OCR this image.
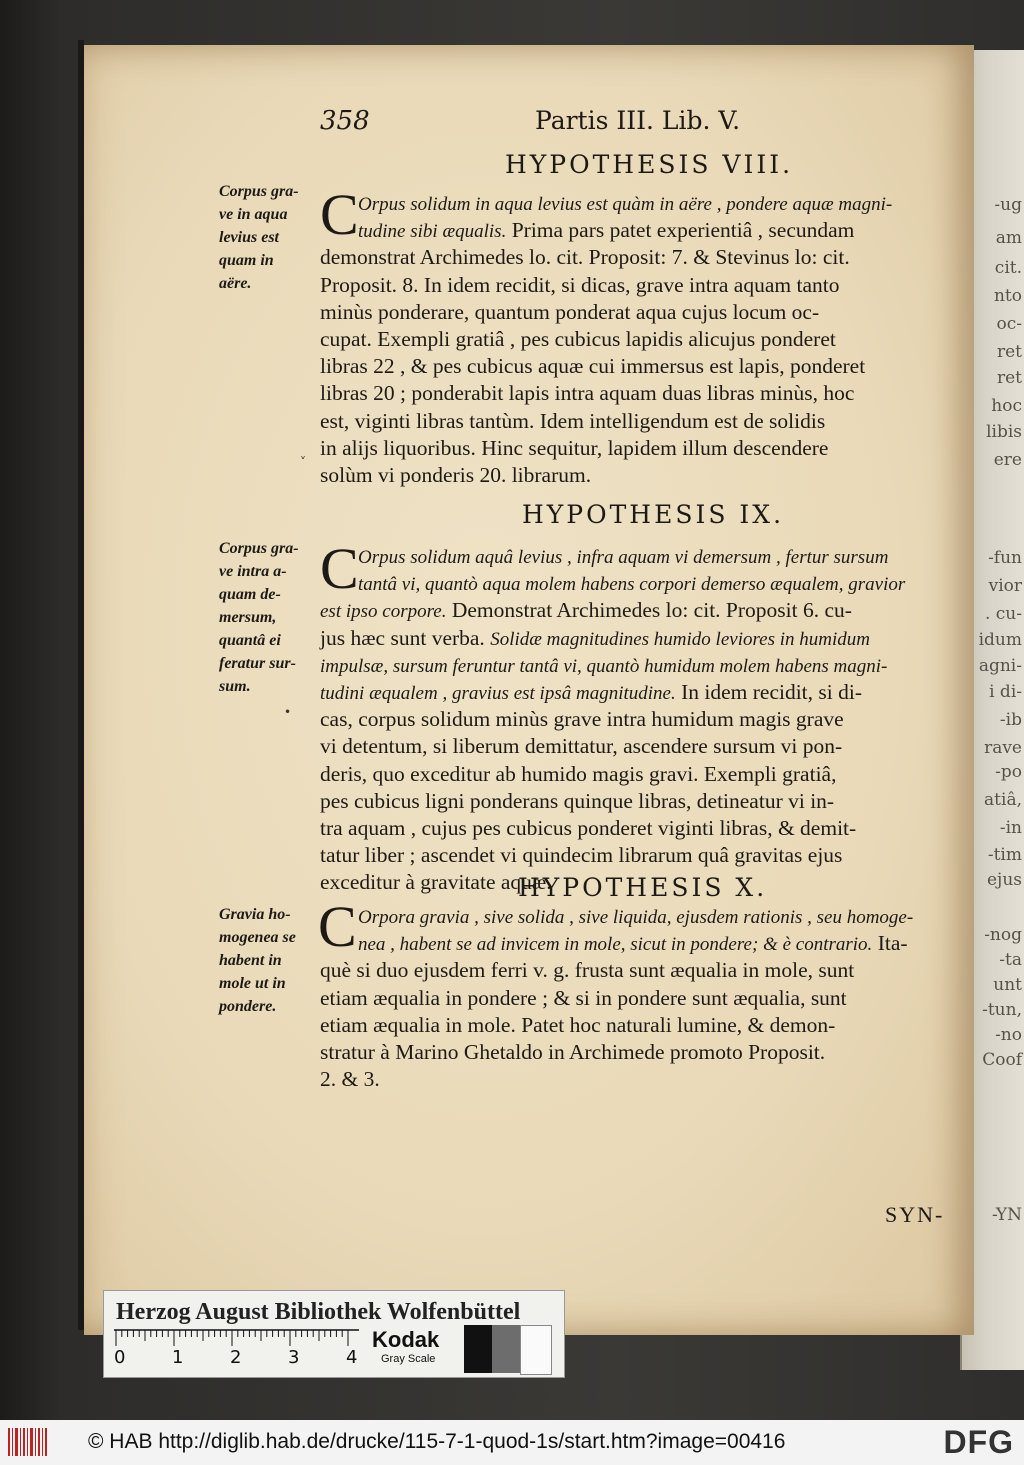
-ug
am
cit.
nto
oc-
ret
ret
hoc
libis
ere
-fun
vior
. cu-
idum
agni-
i di-
-ib
rave
-po
atiâ,
-in
-tim
ejus
-nog
-ta
unt
-tun,
-no
Coof
-YN
358	Partis III. Lib. V.
HYPOTHESIS VIII.
Corpus gra-
ve in aqua
levius est
quam in
aëre.
C Orpus solidum in aqua levius est quàm in aëre , pondere aquæ magni-
tudine sibi æqualis. Prima pars patet experientiâ , secundam
demonstrat Archimedes lo. cit. Proposit: 7. & Stevinus lo: cit.
Proposit. 8. In idem recidit, si dicas, grave intra aquam tanto
minùs ponderare, quantum ponderat aqua cujus locum oc-
cupat. Exempli gratiâ , pes cubicus lapidis alicujus ponderet
libras 22 , & pes cubicus aquæ cui immersus est lapis, ponderet
libras 20 ; ponderabit lapis intra aquam duas libras minùs, hoc
est, viginti libras tantùm. Idem intelligendum est de solidis
in alijs liquoribus. Hinc sequitur, lapidem illum descendere
solùm vi ponderis 20. librarum.
HYPOTHESIS IX.
Corpus gra-
ve intra a-
quam de-
mersum,
quantâ ei
feratur sur-
sum.
C Orpus solidum aquâ levius , infra aquam vi demersum , fertur sursum
tantâ vi, quantò aqua molem habens corpori demerso æqualem, gravior
est ipso corpore. Demonstrat Archimedes lo: cit. Proposit 6. cu-
jus hæc sunt verba. Solidæ magnitudines humido leviores in humidum
impulsæ, sursum feruntur tantâ vi, quantò humidum molem habens magni-
tudini æqualem , gravius est ipsâ magnitudine. In idem recidit, si di-
cas, corpus solidum minùs grave intra humidum magis grave
vi detentum, si liberum demittatur, ascendere sursum vi pon-
deris, quo exceditur ab humido magis gravi. Exempli gratiâ,
pes cubicus ligni ponderans quinque libras, detineatur vi in-
tra aquam , cujus pes cubicus ponderet viginti libras, & demit-
tatur liber ; ascendet vi quindecim librarum quâ gravitas ejus
exceditur à gravitate aquæ.
HYPOTHESIS X.
Gravia ho-
mogenea se
habent in
mole ut in
pondere.
C Orpora gravia , sive solida , sive liquida, ejusdem rationis , seu homoge-
nea , habent se ad invicem in mole, sicut in pondere; & è contrario. Ita-
què si duo ejusdem ferri v. g. frusta sunt æqualia in mole, sunt
etiam æqualia in pondere ; & si in pondere sunt æqualia, sunt
etiam æqualia in mole. Patet hoc naturali lumine, & demon-
stratur à Marino Ghetaldo in Archimede promoto Proposit.
2. & 3.
SYN-
˅
•
Herzog August Bibliothek Wolfenbüttel
0	1	2	3	4
Kodak
Gray Scale
© HAB http://diglib.hab.de/drucke/115-7-1-quod-1s/start.htm?image=00416	DFG
